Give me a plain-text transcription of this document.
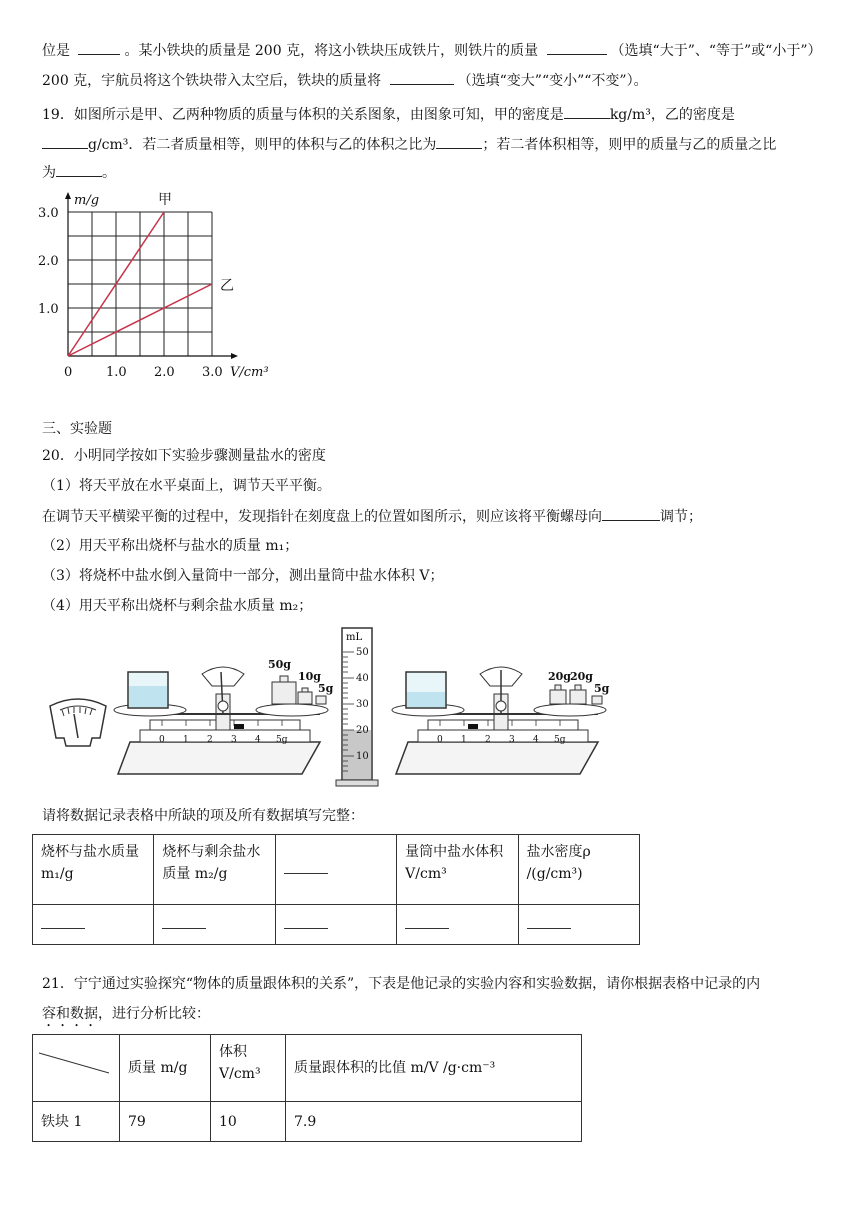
位是	。某小铁块的质量是 200 克，将这小铁块压成铁片，则铁片的质量	（选填“大于”、“等于”或“小于”）
200 克，宇航员将这个铁块带入太空后，铁块的质量将	（选填“变大”“变小”“不变”）。
19．如图所示是甲、乙两种物质的质量与体积的关系图象，由图象可知，甲的密度是	kg/m³，乙的密度是
g/cm³．若二者质量相等，则甲的体积与乙的体积之比为	；若二者体积相等，则甲的质量与乙的质量之比
为	。
甲
乙
0	1.0 2.0 3.0
1.0
2.0
3.0
m/g
V/cm³
三、实验题
20．小明同学按如下实验步骤测量盐水的密度
（1）将天平放在水平桌面上，调节天平平衡。
在调节天平横梁平衡的过程中，发现指针在刻度盘上的位置如图所示，则应该将平衡螺母向	调节；
（2）用天平称出烧杯与盐水的质量 m₁；
（3）将烧杯中盐水倒入量筒中一部分，测出量筒中盐水体积 V；
（4）用天平称出烧杯与剩余盐水质量 m₂；
0 1 2 3 4 5g
50g
10g
5g
mL
50
40
30
20
10
0 1 2 3 4 5g
20g 20g
5g
请将数据记录表格中所缺的项及所有数据填写完整：
烧杯与盐水质量 m₁/g	烧杯与剩余盐水质量 m₂/g		量筒中盐水体积 V/cm³	盐水密度ρ /(g/cm³)

21．宁宁通过实验探究“物体的质量跟体积的关系”，下表是他记录的实验内容和实验数据，请你根据表格中记录的内
容和数据，进行分析比较：
	质量 m/g	体积 V/cm³	质量跟体积的比值 m/V /g·cm⁻³
铁块 1	79	10	7.9
